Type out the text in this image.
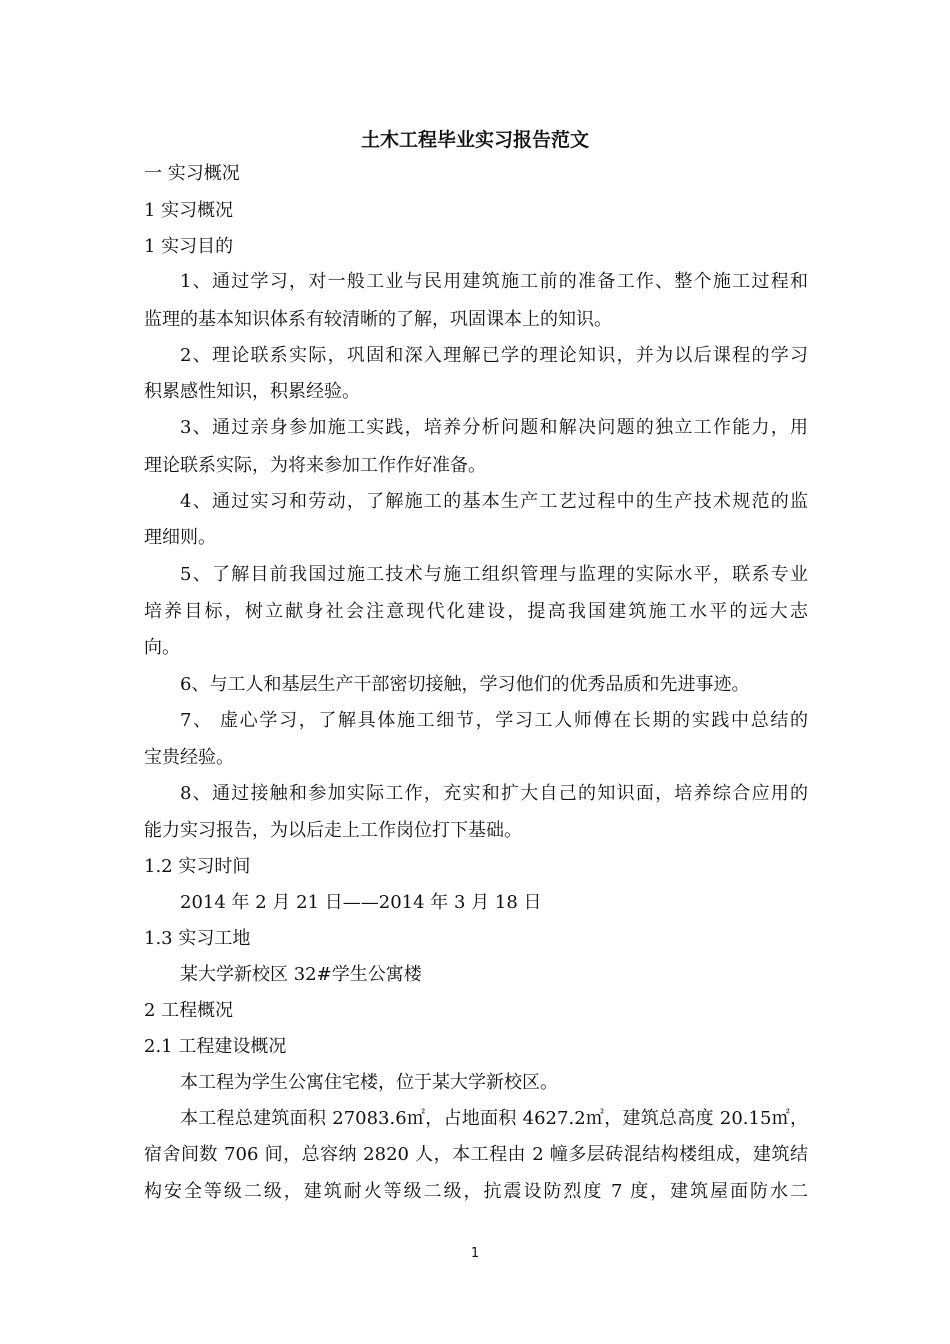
土木工程毕业实习报告范文
一 实习概况
1 实习概况
1 实习目的
1、通过学习，对一般工业与民用建筑施工前的准备工作、整个施工过程和
监理的基本知识体系有较清晰的了解，巩固课本上的知识。
2、理论联系实际，巩固和深入理解已学的理论知识，并为以后课程的学习
积累感性知识，积累经验。
3、通过亲身参加施工实践，培养分析问题和解决问题的独立工作能力，用
理论联系实际，为将来参加工作作好准备。
4、通过实习和劳动，了解施工的基本生产工艺过程中的生产技术规范的监
理细则。
5、了解目前我国过施工技术与施工组织管理与监理的实际水平，联系专业
培养目标，树立献身社会注意现代化建设，提高我国建筑施工水平的远大志
向。
6、与工人和基层生产干部密切接触，学习他们的优秀品质和先进事迹。
7、 虚心学习，了解具体施工细节，学习工人师傅在长期的实践中总结的
宝贵经验。
8、通过接触和参加实际工作，充实和扩大自己的知识面，培养综合应用的
能力实习报告，为以后走上工作岗位打下基础。
1.2 实习时间
2014 年 2 月 21 日——2014 年 3 月 18 日
1.3 实习工地
某大学新校区 32#学生公寓楼
2 工程概况
2.1 工程建设概况
本工程为学生公寓住宅楼，位于某大学新校区。
本工程总建筑面积 27083.6㎡，占地面积 4627.2㎡，建筑总高度 20.15㎡，
宿舍间数 706 间，总容纳 2820 人，本工程由 2 幢多层砖混结构楼组成，建筑结
构安全等级二级，建筑耐火等级二级，抗震设防烈度 7 度，建筑屋面防水二
1
